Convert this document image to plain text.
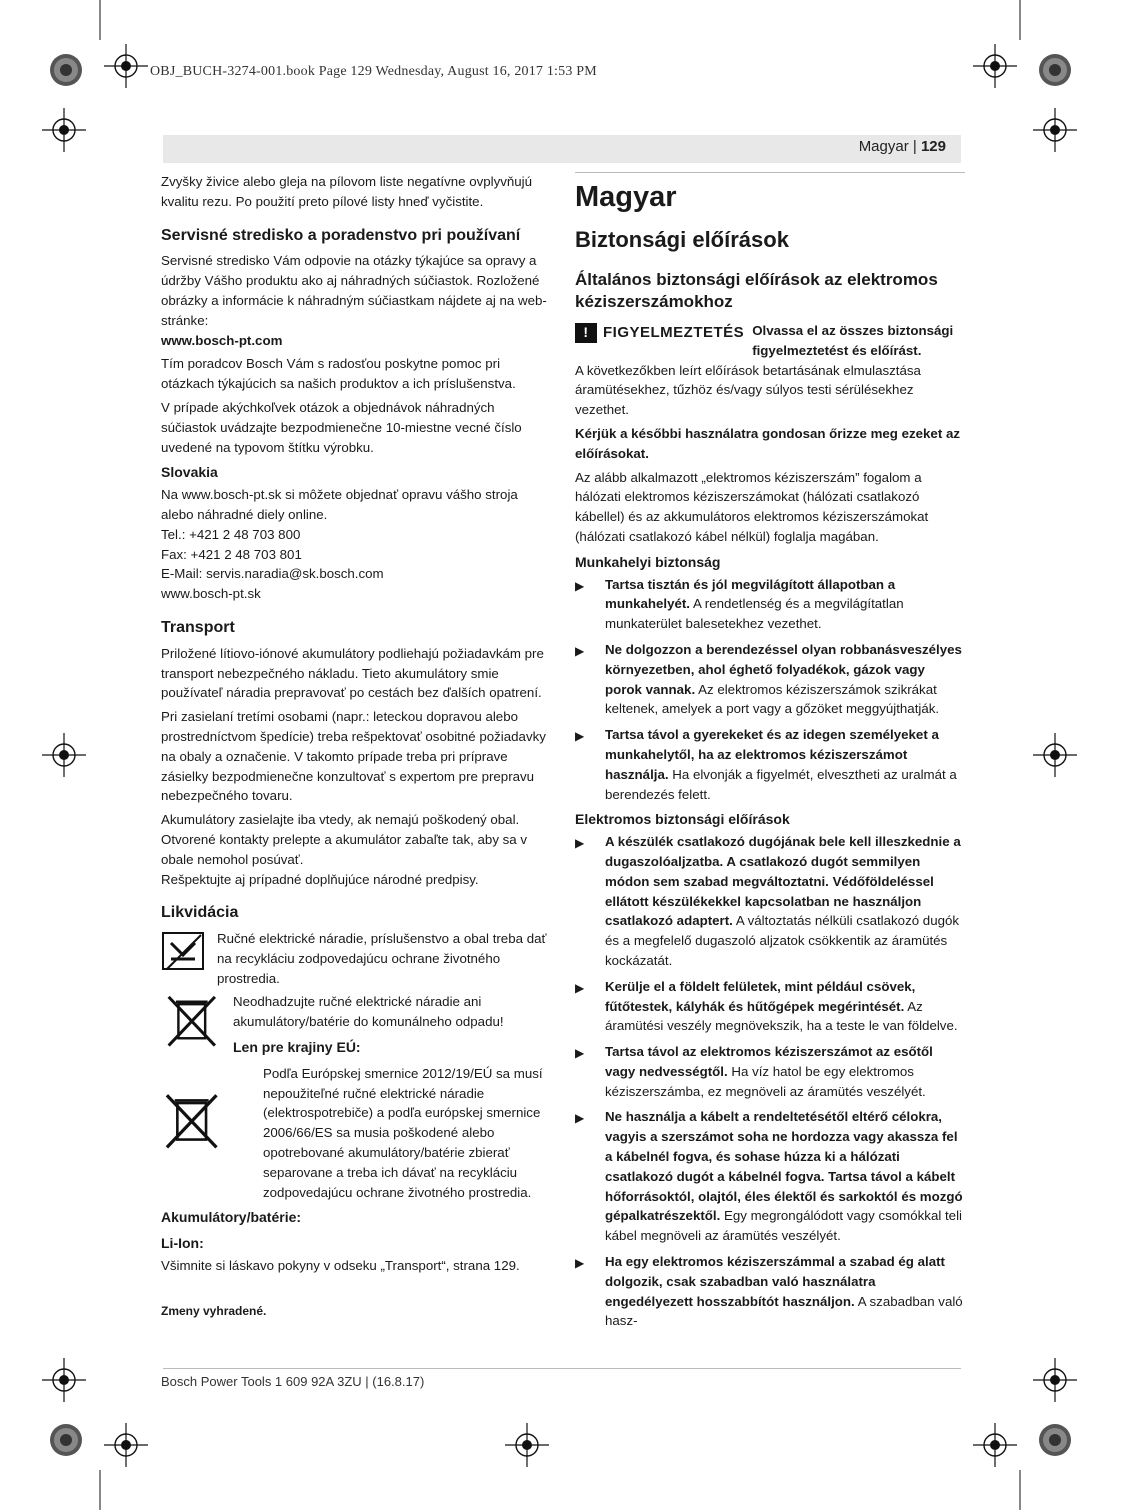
OBJ_BUCH-3274-001.book Page 129 Wednesday, August 16, 2017 1:53 PM
Magyar | 129

Zvyšky živice alebo gleja na pílovom liste negatívne ovplyvňujú kvalitu rezu. Po použití preto pílové listy hneď vyčistite.

Servisné stredisko a poradenstvo pri používaní

Servisné stredisko Vám odpovie na otázky týkajúce sa opravy a údržby Vášho produktu ako aj náhradných súčiastok. Rozložené obrázky a informácie k náhradným súčiastkam nájdete aj na web-stránke:

www.bosch-pt.com

Tím poradcov Bosch Vám s radosťou poskytne pomoc pri otázkach týkajúcich sa našich produktov a ich príslušenstva.

V prípade akýchkoľvek otázok a objednávok náhradných súčiastok uvádzajte bezpodmienečne 10-miestne vecné číslo uvedené na typovom štítku výrobku.

Slovakia

Na www.bosch-pt.sk si môžete objednať opravu vášho stroja alebo náhradné diely online.

Tel.: +421 2 48 703 800
Fax: +421 2 48 703 801
E-Mail: servis.naradia@sk.bosch.com
www.bosch-pt.sk
Transport

Priložené lítiovo-iónové akumulátory podliehajú požiadavkám pre transport nebezpečného nákladu. Tieto akumulátory smie používateľ náradia prepravovať po cestách bez ďalších opatrení.

Pri zasielaní tretími osobami (napr.: leteckou dopravou alebo prostredníctvom špedície) treba rešpektovať osobitné požiadavky na obaly a označenie. V takomto prípade treba pri príprave zásielky bezpodmienečne konzultovať s expertom pre prepravu nebezpečného tovaru.

Akumulátory zasielajte iba vtedy, ak nemajú poškodený obal. Otvorené kontakty prelepte a akumulátor zabaľte tak, aby sa v obale nemohol posúvať.

Rešpektujte aj prípadné doplňujúce národné predpisy.

Likvidácia
Ručné elektrické náradie, príslušenstvo a obal treba dať na recykláciu zodpovedajúcu ochrane životného prostredia.
Neodhadzujte ručné elektrické náradie ani akumulátory/batérie do komunálneho odpadu!
Len pre krajiny EÚ:
Podľa Európskej smernice 2012/19/EÚ sa musí nepoužiteľné ručné elektrické náradie (elektrospotrebiče) a podľa európskej smernice 2006/66/ES sa musia poškodené alebo opotrebované akumulátory/batérie zbierať separovane a treba ich dávať na recykláciu zodpovedajúcu ochrane životného prostredia.
Akumulátory/batérie:
Li-Ion:

Všimnite si láskavo pokyny v odseku „Transport“, strana 129.

Zmeny vyhradené.
Magyar
Biztonsági előírások
Általános biztonsági előírások az elektromos kéziszerszámokhoz
! FIGYELMEZTETÉS Olvassa el az összes biztonsági figyelmeztetést és előírást.

A következőkben leírt előírások betartásának elmulasztása áramütésekhez, tűzhöz és/vagy súlyos testi sérülésekhez vezethet.

Kérjük a későbbi használatra gondosan őrizze meg ezeket az előírásokat.

Az alább alkalmazott „elektromos kéziszerszám” fogalom a hálózati elektromos kéziszerszámokat (hálózati csatlakozó kábellel) és az akkumulátoros elektromos kéziszerszámokat (hálózati csatlakozó kábel nélkül) foglalja magában.

Munkahelyi biztonság
▶	Tartsa tisztán és jól megvilágított állapotban a munkahelyét. A rendetlenség és a megvilágítatlan munkaterület balesetekhez vezethet.
▶	Ne dolgozzon a berendezéssel olyan robbanásveszélyes környezetben, ahol éghető folyadékok, gázok vagy porok vannak. Az elektromos kéziszerszámok szikrákat keltenek, amelyek a port vagy a gőzöket meggyújthatják.
▶	Tartsa távol a gyerekeket és az idegen személyeket a munkahelytől, ha az elektromos kéziszerszámot használja. Ha elvonják a figyelmét, elvesztheti az uralmát a berendezés felett.
Elektromos biztonsági előírások
▶	A készülék csatlakozó dugójának bele kell illeszkednie a dugaszolóaljzatba. A csatlakozó dugót semmilyen módon sem szabad megváltoztatni. Védőföldeléssel ellátott készülékekkel kapcsolatban ne használjon csatlakozó adaptert. A változtatás nélküli csatlakozó dugók és a megfelelő dugaszoló aljzatok csökkentik az áramütés kockázatát.
▶	Kerülje el a földelt felületek, mint például csövek, fűtőtestek, kályhák és hűtőgépek megérintését. Az áramütési veszély megnövekszik, ha a teste le van földelve.
▶	Tartsa távol az elektromos kéziszerszámot az esőtől vagy nedvességtől. Ha víz hatol be egy elektromos kéziszerszámba, ez megnöveli az áramütés veszélyét.
▶	Ne használja a kábelt a rendeltetésétől eltérő célokra, vagyis a szerszámot soha ne hordozza vagy akassza fel a kábelnél fogva, és sohase húzza ki a hálózati csatlakozó dugót a kábelnél fogva. Tartsa távol a kábelt hőforrásoktól, olajtól, éles élektől és sarkoktól és mozgó gépalkatrészektől. Egy megrongálódott vagy csomókkal teli kábel megnöveli az áramütés veszélyét.
▶	Ha egy elektromos kéziszerszámmal a szabad ég alatt dolgozik, csak szabadban való használatra engedélyezett hosszabbítót használjon. A szabadban való hasz-
Bosch Power Tools 1 609 92A 3ZU | (16.8.17)
